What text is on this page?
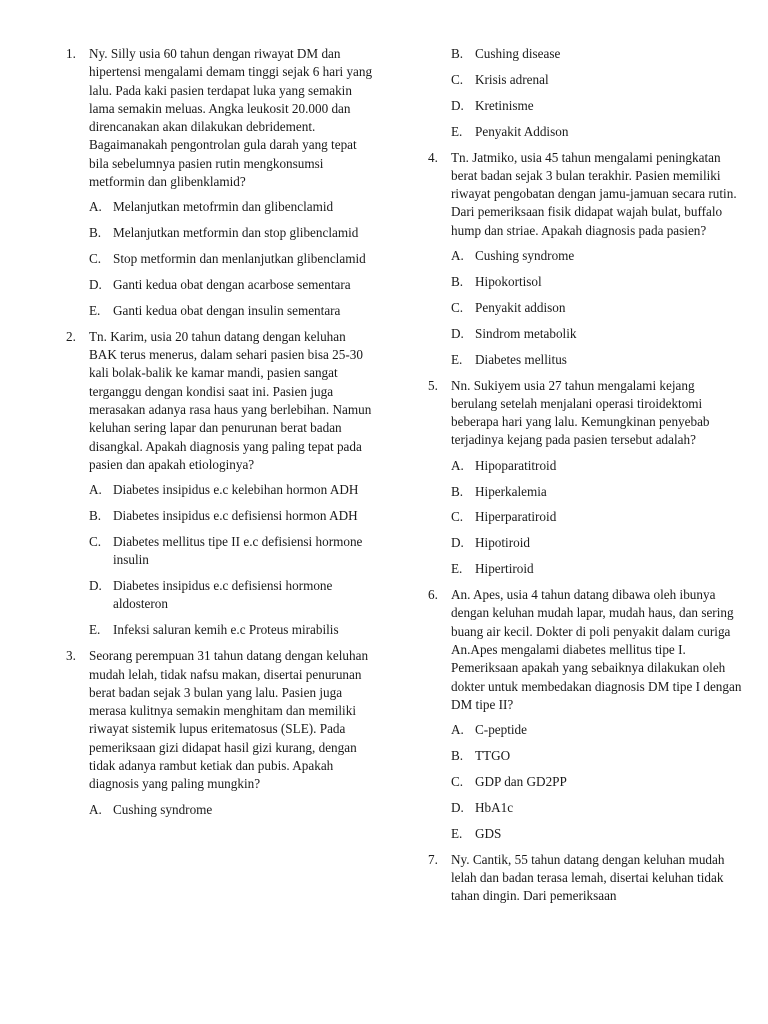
1. Ny. Silly usia 60 tahun dengan riwayat DM dan hipertensi mengalami demam tinggi sejak 6 hari yang lalu. Pada kaki pasien terdapat luka yang semakin lama semakin meluas. Angka leukosit 20.000 dan direncanakan akan dilakukan debridement. Bagaimanakah pengontrolan gula darah yang tepat bila sebelumnya pasien rutin mengkonsumsi metformin dan glibenklamid?
A. Melanjutkan metofrmin dan glibenclamid
B. Melanjutkan metformin dan stop glibenclamid
C. Stop metformin dan menlanjutkan glibenclamid
D. Ganti kedua obat dengan acarbose sementara
E. Ganti kedua obat dengan insulin sementara
2. Tn. Karim, usia 20 tahun datang dengan keluhan BAK terus menerus, dalam sehari pasien bisa 25-30 kali bolak-balik ke kamar mandi, pasien sangat terganggu dengan kondisi saat ini. Pasien juga merasakan adanya rasa haus yang berlebihan. Namun keluhan sering lapar dan penurunan berat badan disangkal. Apakah diagnosis yang paling tepat pada pasien dan apakah etiologinya?
A. Diabetes insipidus e.c kelebihan hormon ADH
B. Diabetes insipidus e.c defisiensi hormon ADH
C. Diabetes mellitus tipe II e.c defisiensi hormone insulin
D. Diabetes insipidus e.c defisiensi hormone aldosteron
E. Infeksi saluran kemih e.c Proteus mirabilis
3. Seorang perempuan 31 tahun datang dengan keluhan mudah lelah, tidak nafsu makan, disertai penurunan berat badan sejak 3 bulan yang lalu. Pasien juga merasa kulitnya semakin menghitam dan memiliki riwayat sistemik lupus eritematosus (SLE). Pada pemeriksaan gizi didapat hasil gizi kurang, dengan tidak adanya rambut ketiak dan pubis. Apakah diagnosis yang paling mungkin?
A. Cushing syndrome
B. Cushing disease
C. Krisis adrenal
D. Kretinisme
E. Penyakit Addison
4. Tn. Jatmiko, usia 45 tahun mengalami peningkatan berat badan sejak 3 bulan terakhir. Pasien memiliki riwayat pengobatan dengan jamu-jamuan secara rutin. Dari pemeriksaan fisik didapat wajah bulat, buffalo hump dan striae. Apakah diagnosis pada pasien?
A. Cushing syndrome
B. Hipokortisol
C. Penyakit addison
D. Sindrom metabolik
E. Diabetes mellitus
5. Nn. Sukiyem usia 27 tahun mengalami kejang berulang setelah menjalani operasi tiroidektomi beberapa hari yang lalu. Kemungkinan penyebab terjadinya kejang pada pasien tersebut adalah?
A. Hipoparatitroid
B. Hiperkalemia
C. Hiperparatiroid
D. Hipotiroid
E. Hipertiroid
6. An. Apes, usia 4 tahun datang dibawa oleh ibunya dengan keluhan mudah lapar, mudah haus, dan sering buang air kecil. Dokter di poli penyakit dalam curiga An.Apes mengalami diabetes mellitus tipe I. Pemeriksaan apakah yang sebaiknya dilakukan oleh dokter untuk membedakan diagnosis DM tipe I dengan DM tipe II?
A. C-peptide
B. TTGO
C. GDP dan GD2PP
D. HbA1c
E. GDS
7. Ny. Cantik, 55 tahun datang dengan keluhan mudah lelah dan badan terasa lemah, disertai keluhan tidak tahan dingin. Dari pemeriksaan
